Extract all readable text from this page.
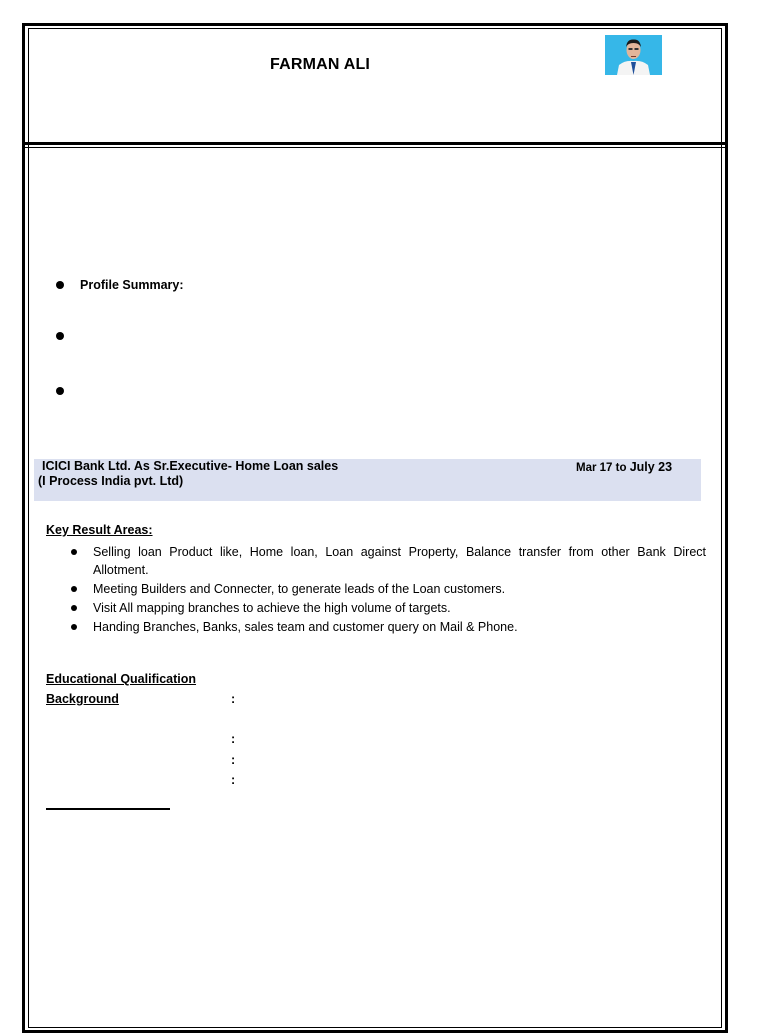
FARMAN ALI
Profile Summary:
ICICI Bank Ltd. As Sr.Executive- Home Loan sales
(I Process India pvt. Ltd)
Mar 17 to July 23
Key Result Areas:
Selling loan Product like, Home loan, Loan against Property, Balance transfer from other Bank Direct Allotment.
Meeting Builders and Connecter, to generate leads of the Loan customers.
Visit All mapping branches to achieve the high volume of targets.
Handing Branches, Banks, sales team and customer query on Mail & Phone.
Educational Qualification
Background	:
:
:
:
